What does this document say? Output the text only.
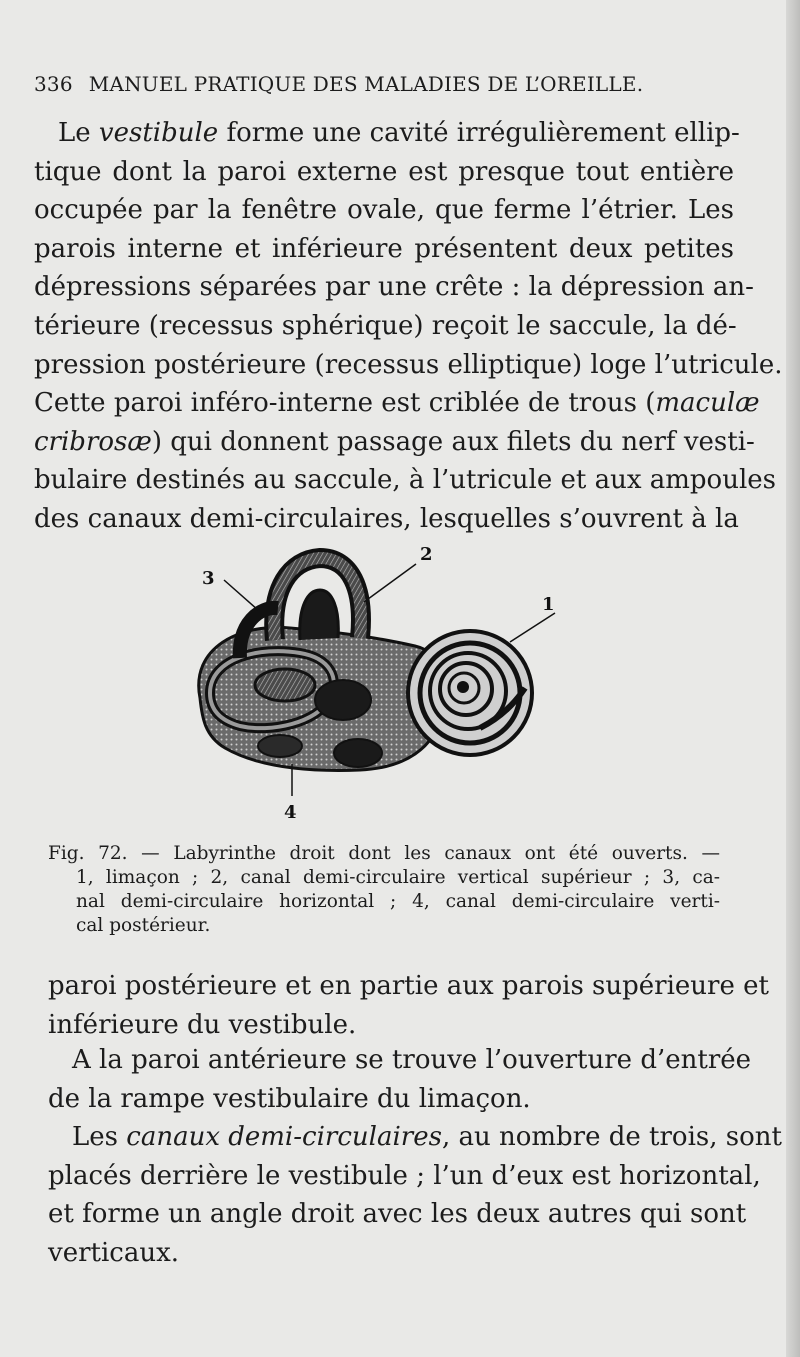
336 MANUEL PRATIQUE DES MALADIES DE L’OREILLE.
Le vestibule forme une cavité irrégulièrement ellip-
tique dont la paroi externe est presque tout entière
occupée par la fenêtre ovale, que ferme l’étrier. Les
parois interne et inférieure présentent deux petites
dépressions séparées par une crête : la dépression an-
térieure (recessus sphérique) reçoit le saccule, la dé-
pression postérieure (recessus elliptique) loge l’utricule.
Cette paroi inféro-interne est criblée de trous (maculæ
cribrosæ) qui donnent passage aux filets du nerf vesti-
bulaire destinés au saccule, à l’utricule et aux ampoules
des canaux demi-circulaires, lesquelles s’ouvrent à la
3
2
1
4
Fig. 72. — Labyrinthe droit dont les canaux ont été ouverts. —
1, limaçon ; 2, canal demi-circulaire vertical supérieur ; 3, ca-
nal demi-circulaire horizontal ; 4, canal demi-circulaire verti-
cal postérieur.
paroi postérieure et en partie aux parois supérieure et
inférieure du vestibule.
A la paroi antérieure se trouve l’ouverture d’entrée
de la rampe vestibulaire du limaçon.
Les canaux demi-circulaires, au nombre de trois, sont
placés derrière le vestibule ; l’un d’eux est horizontal,
et forme un angle droit avec les deux autres qui sont
verticaux.
